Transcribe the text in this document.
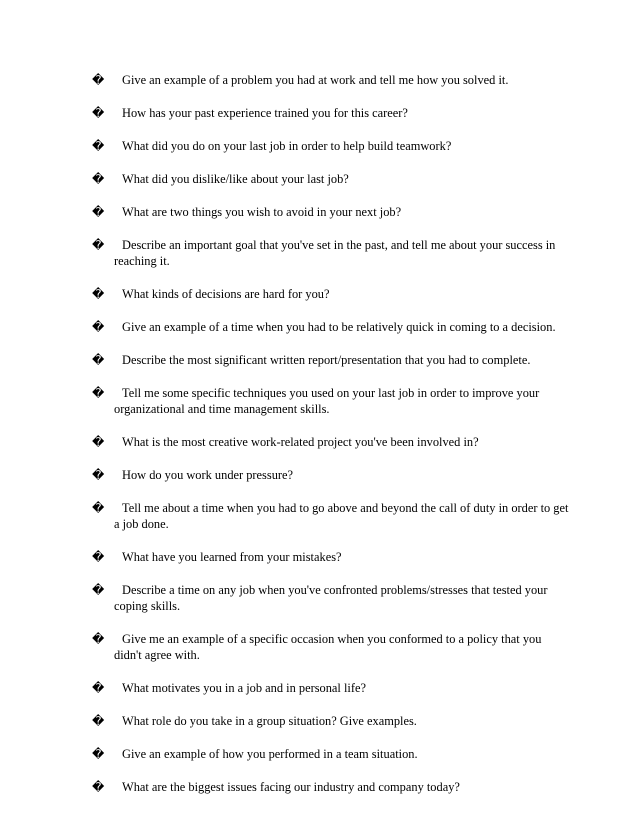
�	Give an example of a problem you had at work and tell me how you solved it.
�	How has your past experience trained you for this career?
�	What did you do on your last job in order to help build teamwork?
�	What did you dislike/like about your last job?
�	What are two things you wish to avoid in your next job?
�	Describe an important goal that you've set in the past, and tell me about your success in reaching it.
�	What kinds of decisions are hard for you?
�	Give an example of a time when you had to be relatively quick in coming to a decision.
�	Describe the most significant written report/presentation that you had to complete.
�	Tell me some specific techniques you used on your last job in order to improve your organizational and time management skills.
�	What is the most creative work-related project you've been involved in?
�	How do you work under pressure?
�	Tell me about a time when you had to go above and beyond the call of duty in order to get a job done.
�	What have you learned from your mistakes?
�	Describe a time on any job when you've confronted problems/stresses that tested your coping skills.
�	Give me an example of a specific occasion when you conformed to a policy that you didn't agree with.
�	What motivates you in a job and in personal life?
�	What role do you take in a group situation? Give examples.
�	Give an example of how you performed in a team situation.
�	What are the biggest issues facing our industry and company today?
